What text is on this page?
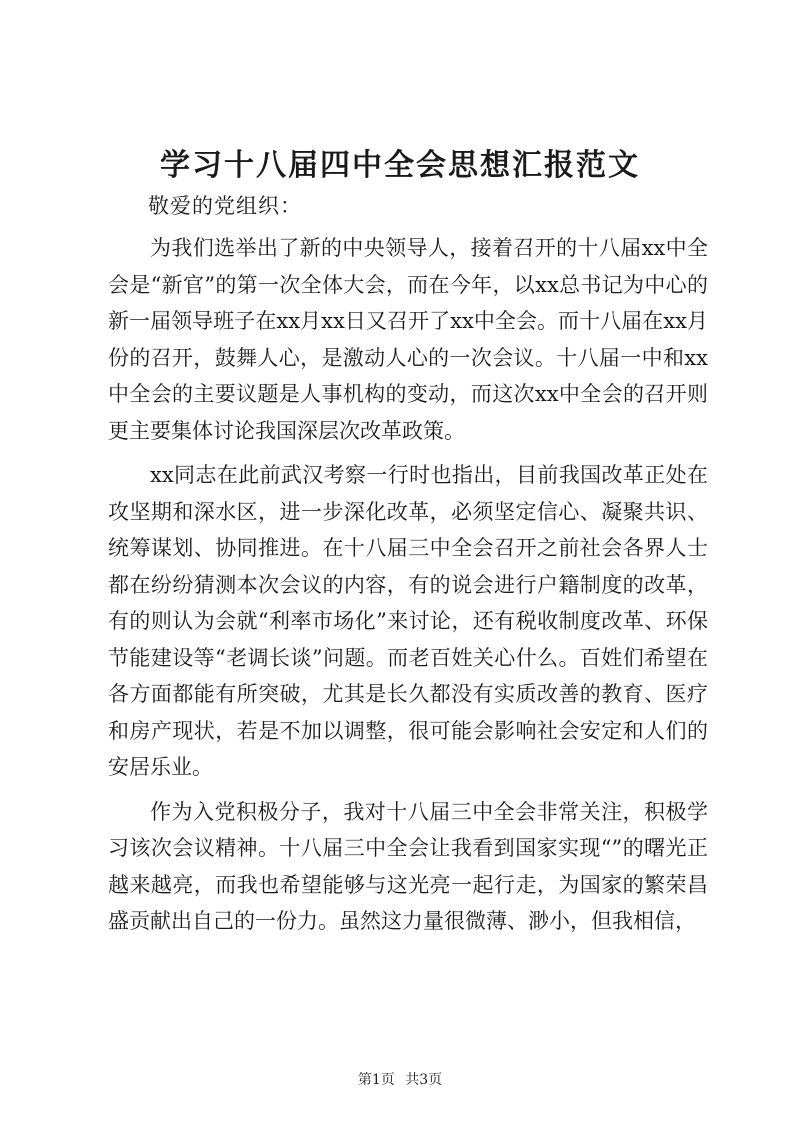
学习十八届四中全会思想汇报范文

敬爱的党组织：

为我们选举出了新的中央领导人，接着召开的十八届xx中全会是“新官”的第一次全体大会，而在今年，以xx总书记为中心的新一届领导班子在xx月xx日又召开了xx中全会。而十八届在xx月份的召开，鼓舞人心，是激动人心的一次会议。十八届一中和xx中全会的主要议题是人事机构的变动，而这次xx中全会的召开则更主要集体讨论我国深层次改革政策。

xx同志在此前武汉考察一行时也指出，目前我国改革正处在攻坚期和深水区，进一步深化改革，必须坚定信心、凝聚共识、统筹谋划、协同推进。在十八届三中全会召开之前社会各界人士都在纷纷猜测本次会议的内容，有的说会进行户籍制度的改革，有的则认为会就“利率市场化”来讨论，还有税收制度改革、环保节能建设等“老调长谈”问题。而老百姓关心什么。百姓们希望在各方面都能有所突破，尤其是长久都没有实质改善的教育、医疗和房产现状，若是不加以调整，很可能会影响社会安定和人们的安居乐业。

作为入党积极分子，我对十八届三中全会非常关注，积极学习该次会议精神。十八届三中全会让我看到国家实现“”的曙光正越来越亮，而我也希望能够与这光亮一起行走，为国家的繁荣昌盛贡献出自己的一份力。虽然这力量很微薄、渺小，但我相信，

第1页 共3页
